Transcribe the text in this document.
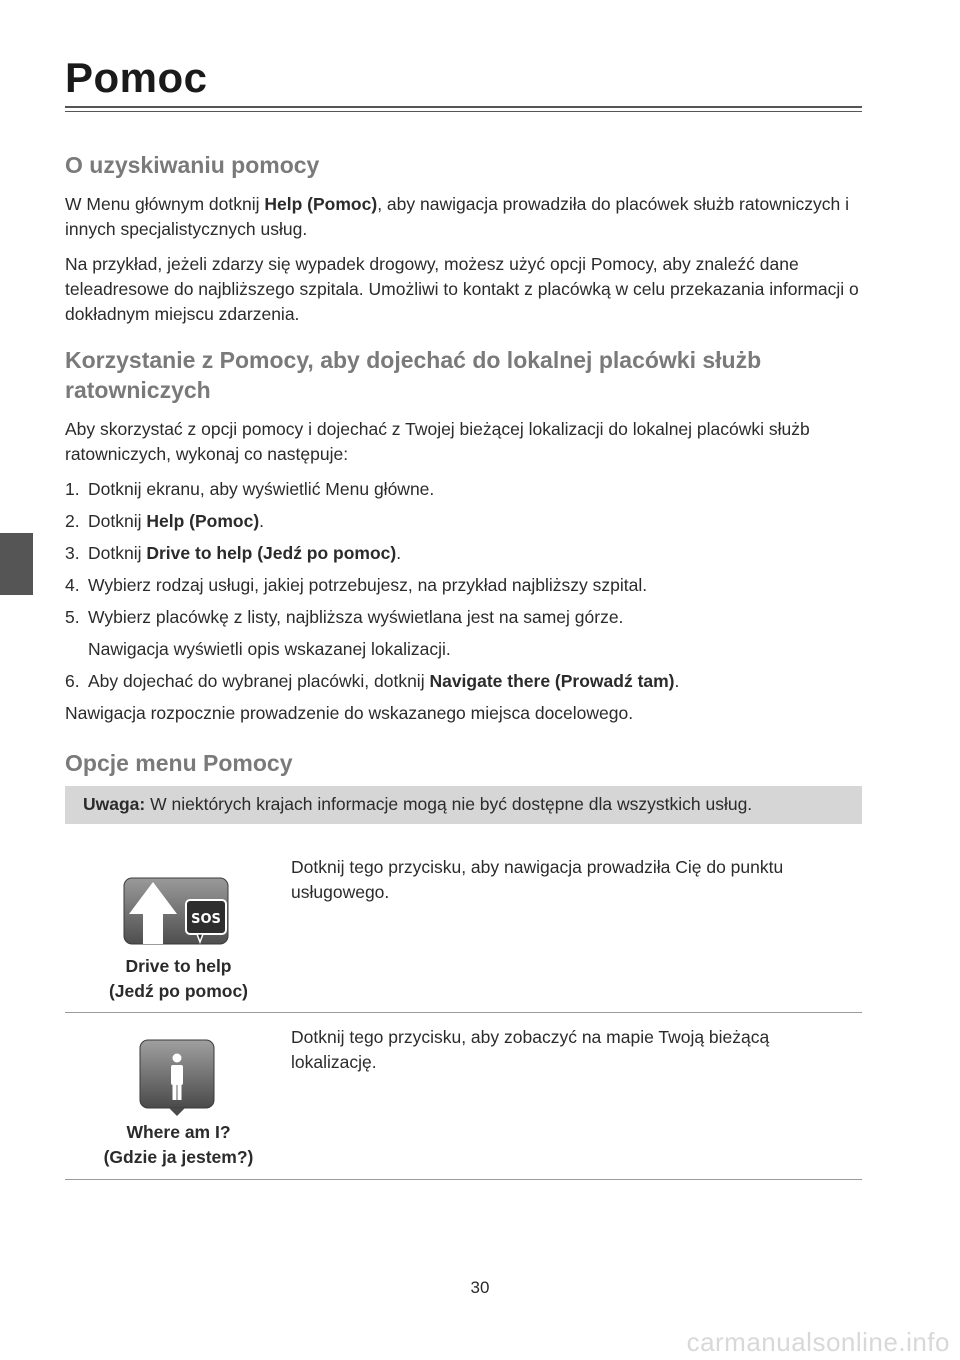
Pomoc
O uzyskiwaniu pomocy

W Menu głównym dotknij Help (Pomoc), aby nawigacja prowadziła do placówek służb ratowniczych i innych specjalistycznych usług.

Na przykład, jeżeli zdarzy się wypadek drogowy, możesz użyć opcji Pomocy, aby znaleźć dane teleadresowe do najbliższego szpitala. Umożliwi to kontakt z placówką w celu przekazania informacji o dokładnym miejscu zdarzenia.

Korzystanie z Pomocy, aby dojechać do lokalnej placówki służb ratowniczych

Aby skorzystać z opcji pomocy i dojechać z Twojej bieżącej lokalizacji do lokalnej placówki służb ratowniczych, wykonaj co następuje:

1. Dotknij ekranu, aby wyświetlić Menu główne.
2. Dotknij Help (Pomoc).
3. Dotknij Drive to help (Jedź po pomoc).
4. Wybierz rodzaj usługi, jakiej potrzebujesz, na przykład najbliższy szpital.
5. Wybierz placówkę z listy, najbliższa wyświetlana jest na samej górze.
Nawigacja wyświetli opis wskazanej lokalizacji.
6. Aby dojechać do wybranej placówki, dotknij Navigate there (Prowadź tam).

Nawigacja rozpocznie prowadzenie do wskazanego miejsca docelowego.

Opcje menu Pomocy
Uwaga: W niektórych krajach informacje mogą nie być dostępne dla wszystkich usług.
SOS
Drive to help
(Jedź po pomoc)
Dotknij tego przycisku, aby nawigacja prowadziła Cię do punktu usługowego.
Where am I?
(Gdzie ja jestem?)
Dotknij tego przycisku, aby zobaczyć na mapie Twoją bieżącą lokalizację.
30
carmanualsonline.info
